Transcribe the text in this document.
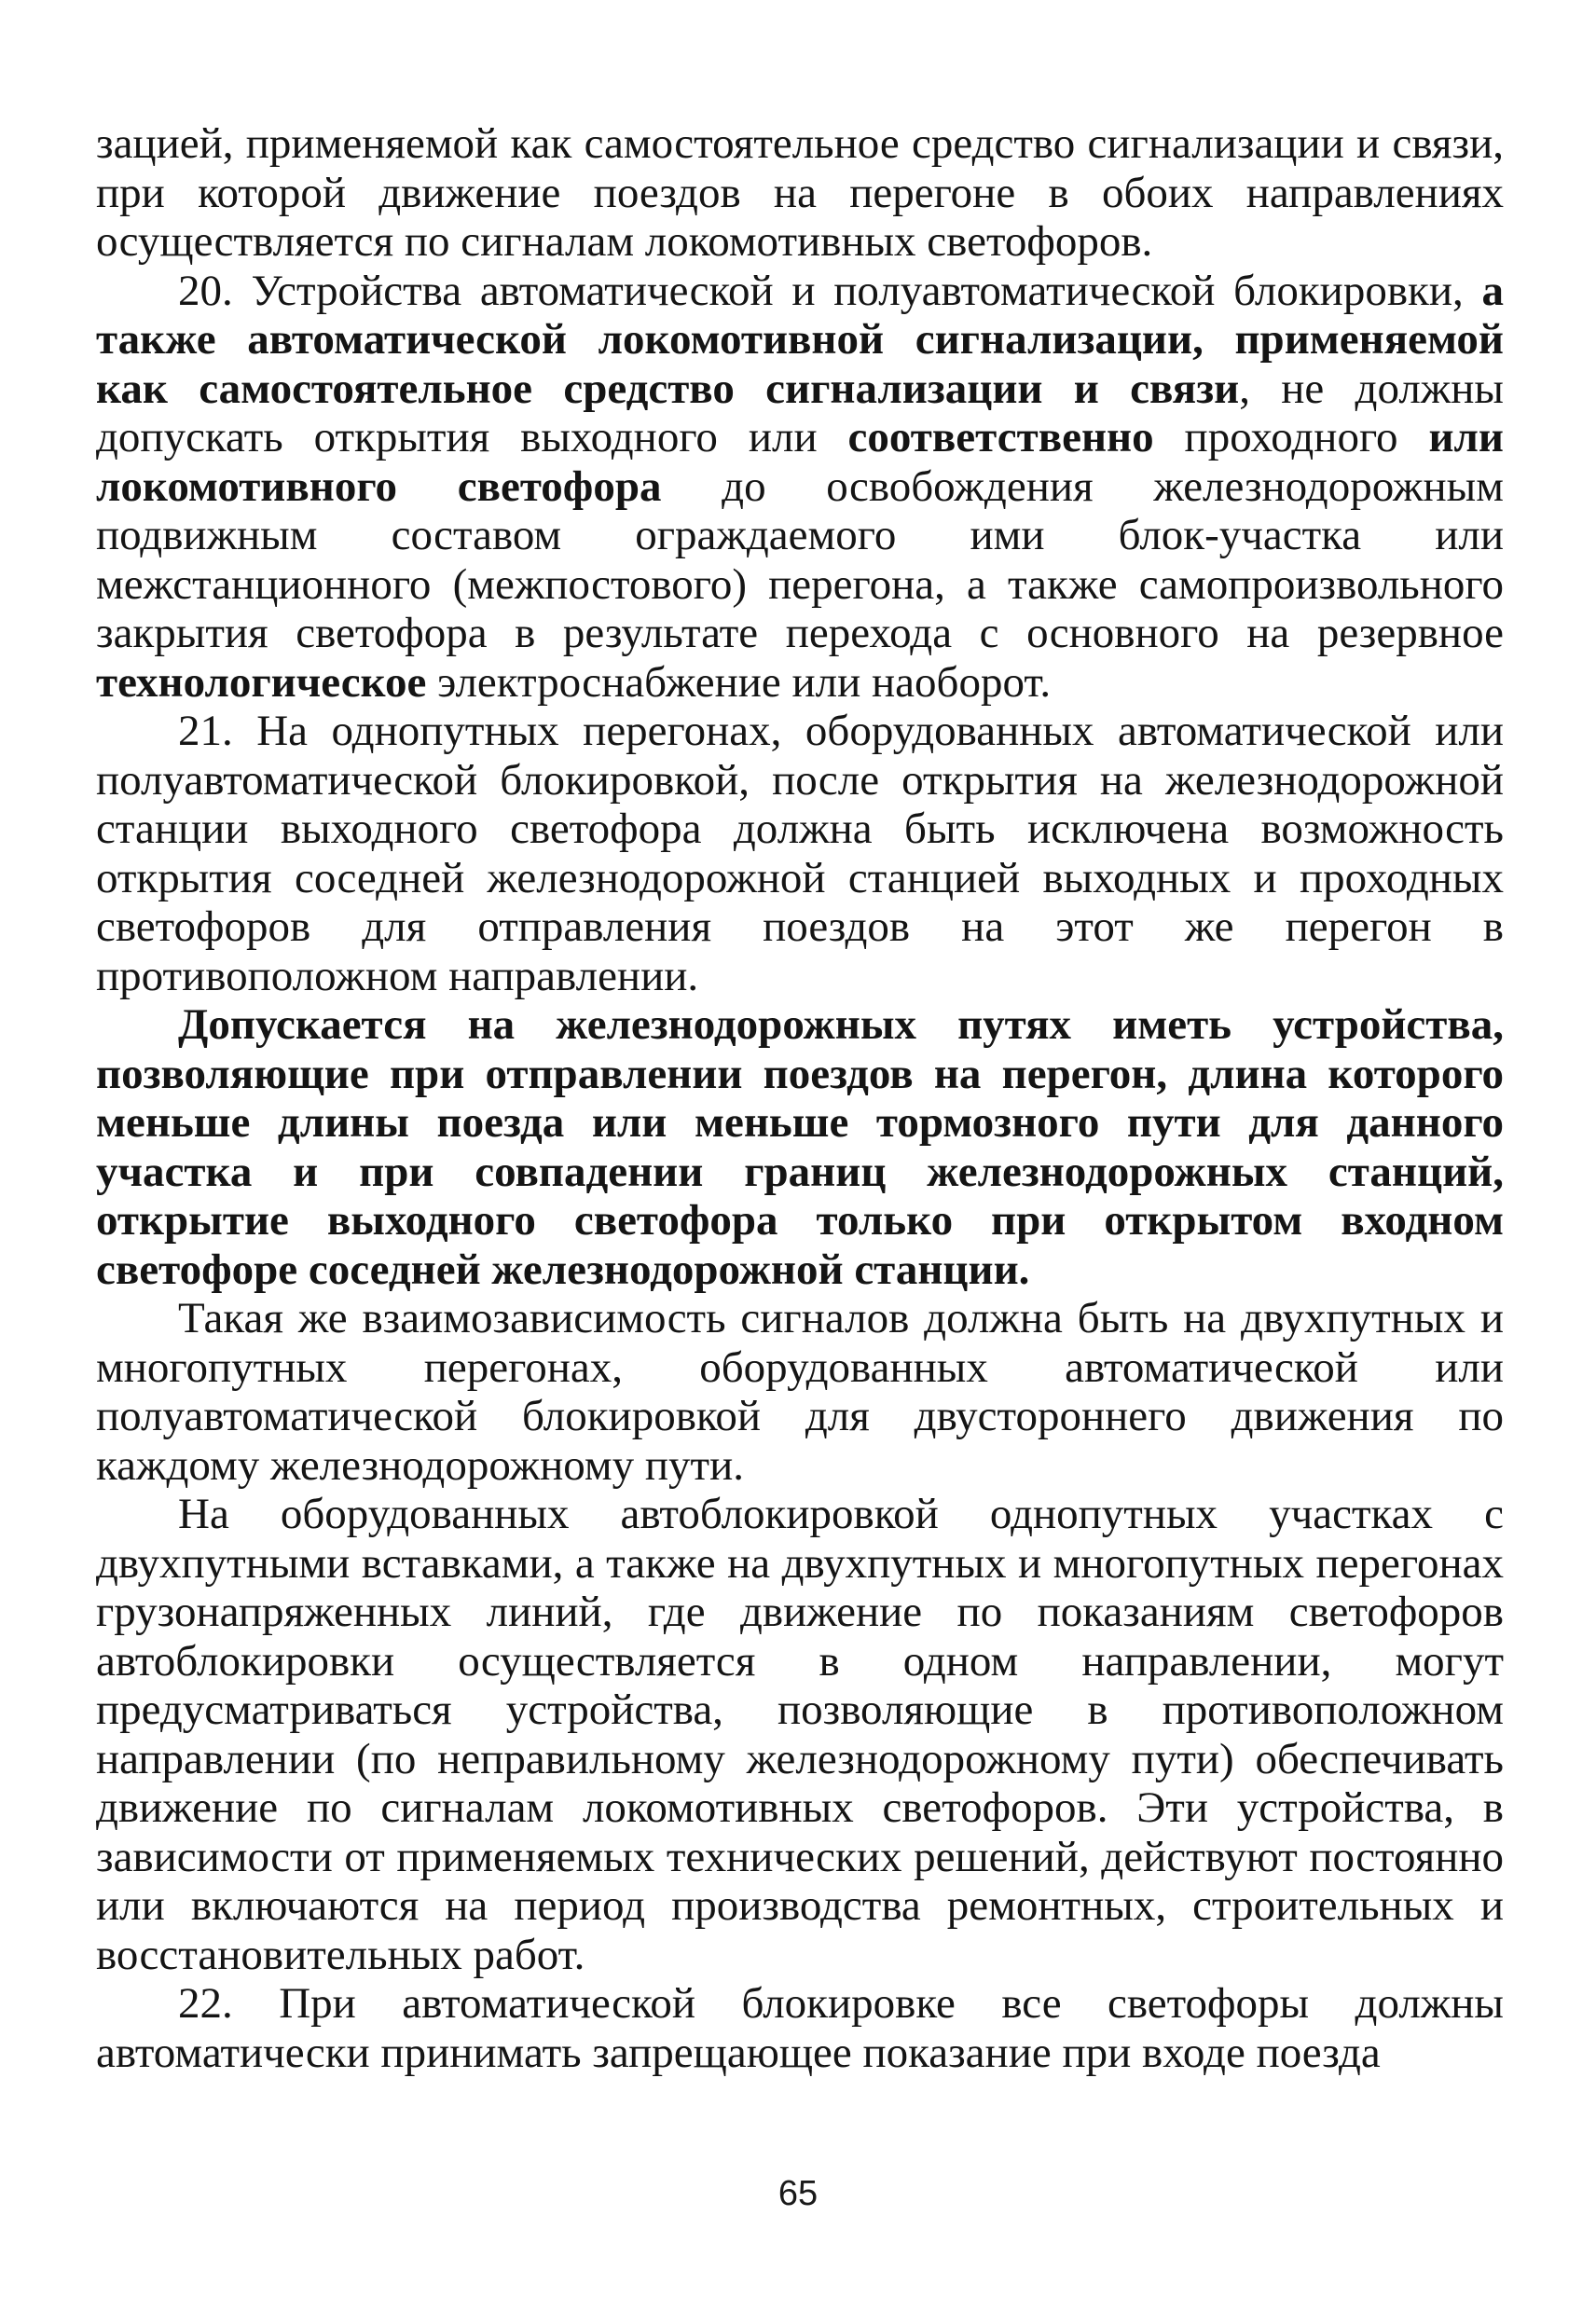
зацией, применяемой как самостоятельное средство сигнализации и связи, при которой движение поездов на перегоне в обоих направлениях осуществляется по сигналам локомотивных светофоров.

20. Устройства автоматической и полуавтоматической блокировки, а также автоматической локомотивной сигнализации, применяемой как самостоятельное средство сигнализации и связи, не должны допускать открытия выходного или соответственно проходного или локомотивного светофора до освобождения железнодорожным подвижным составом ограждаемого ими блок-участка или межстанционного (межпостового) перегона, а также самопроизвольного закрытия светофора в результате перехода с основного на резервное технологическое электроснабжение или наоборот.

21. На однопутных перегонах, оборудованных автоматической или полуавтоматической блокировкой, после открытия на железнодорожной станции выходного светофора должна быть исключена возможность открытия соседней железнодорожной станцией выходных и проходных светофоров для отправления поездов на этот же перегон в противоположном направлении.

Допускается на железнодорожных путях иметь устройства, позволяющие при отправлении поездов на перегон, длина которого меньше длины поезда или меньше тормозного пути для данного участка и при совпадении границ железнодорожных станций, открытие выходного светофора только при открытом входном светофоре соседней железнодорожной станции.

Такая же взаимозависимость сигналов должна быть на двухпутных и многопутных перегонах, оборудованных автоматической или полуавтоматической блокировкой для двустороннего движения по каждому железнодорожному пути.

На оборудованных автоблокировкой однопутных участках с двухпутными вставками, а также на двухпутных и многопутных перегонах грузонапряженных линий, где движение по показаниям светофоров автоблокировки осуществляется в одном направлении, могут предусматриваться устройства, позволяющие в противоположном направлении (по неправильному железнодорожному пути) обеспечивать движение по сигналам локомотивных светофоров. Эти устройства, в зависимости от применяемых технических решений, действуют постоянно или включаются на период производства ремонтных, строительных и восстановительных работ.

22. При автоматической блокировке все светофоры должны автоматически принимать запрещающее показание при входе поезда

65
